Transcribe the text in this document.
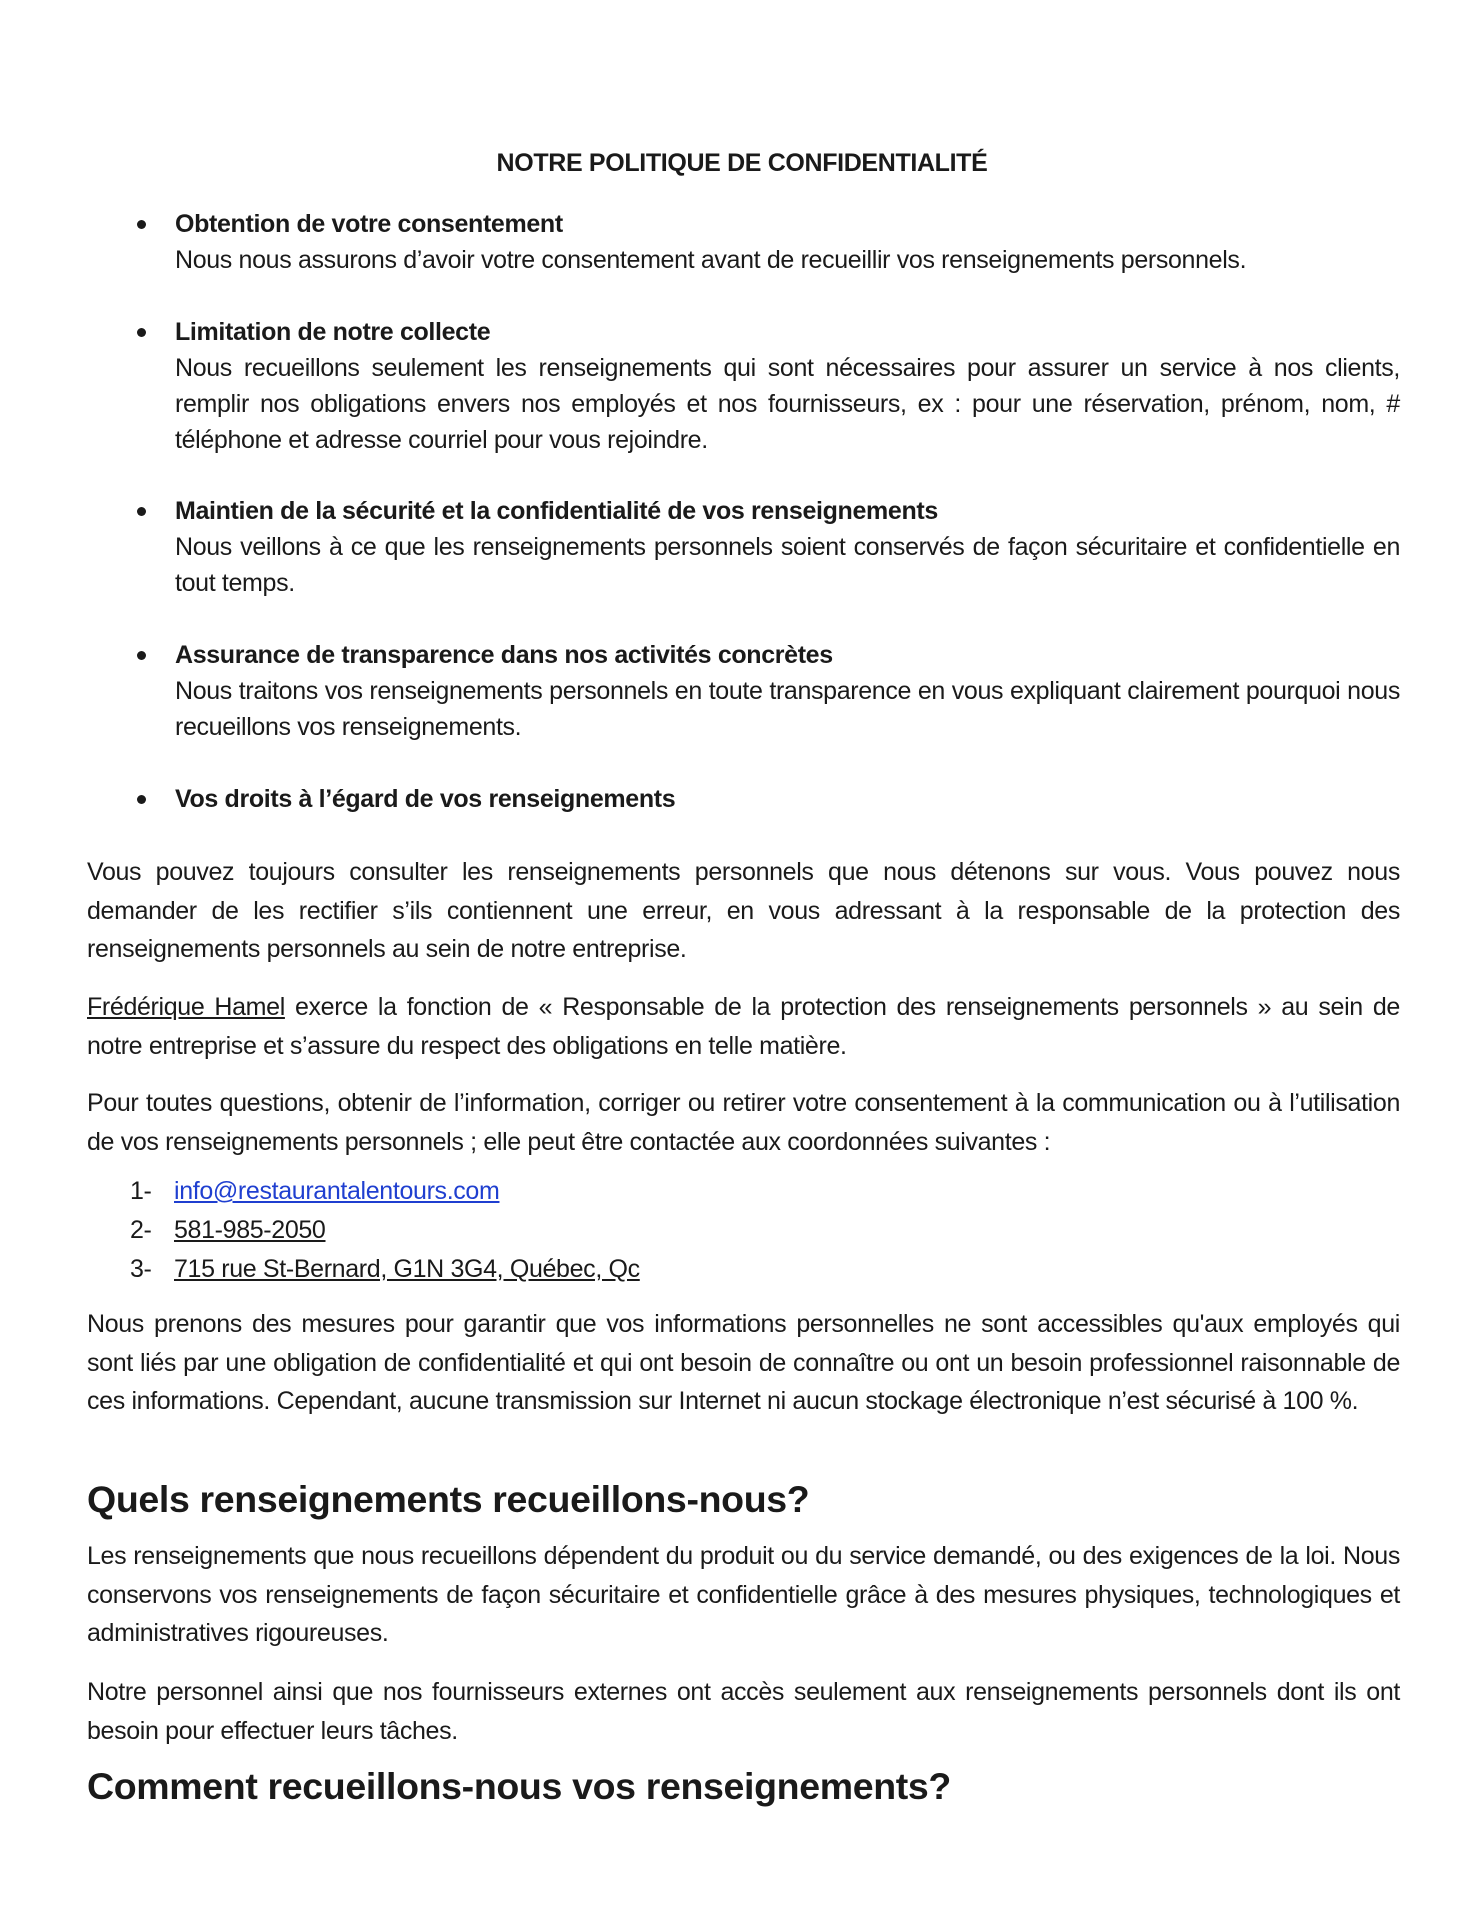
NOTRE POLITIQUE DE CONFIDENTIALITÉ
Obtention de votre consentement
Nous nous assurons d’avoir votre consentement avant de recueillir vos renseignements personnels.
Limitation de notre collecte
Nous recueillons seulement les renseignements qui sont nécessaires pour assurer un service à nos clients, remplir nos obligations envers nos employés et nos fournisseurs, ex : pour une réservation, prénom, nom, # téléphone et adresse courriel pour vous rejoindre.
Maintien de la sécurité et la confidentialité de vos renseignements
Nous veillons à ce que les renseignements personnels soient conservés de façon sécuritaire et confidentielle en tout temps.
Assurance de transparence dans nos activités concrètes
Nous traitons vos renseignements personnels en toute transparence en vous expliquant clairement pourquoi nous recueillons vos renseignements.
Vos droits à l’égard de vos renseignements

Vous pouvez toujours consulter les renseignements personnels que nous détenons sur vous. Vous pouvez nous demander de les rectifier s’ils contiennent une erreur, en vous adressant à la responsable de la protection des renseignements personnels au sein de notre entreprise.

Frédérique Hamel exerce la fonction de « Responsable de la protection des renseignements personnels » au sein de notre entreprise et s’assure du respect des obligations en telle matière.

Pour toutes questions, obtenir de l’information, corriger ou retirer votre consentement à la communication ou à l’utilisation de vos renseignements personnels ; elle peut être contactée aux coordonnées suivantes :

1- info@restaurantalentours.com
2- 581-985-2050
3- 715 rue St-Bernard, G1N 3G4, Québec, Qc

Nous prenons des mesures pour garantir que vos informations personnelles ne sont accessibles qu'aux employés qui sont liés par une obligation de confidentialité et qui ont besoin de connaître ou ont un besoin professionnel raisonnable de ces informations. Cependant, aucune transmission sur Internet ni aucun stockage électronique n’est sécurisé à 100 %.

Quels renseignements recueillons-nous?

Les renseignements que nous recueillons dépendent du produit ou du service demandé, ou des exigences de la loi. Nous conservons vos renseignements de façon sécuritaire et confidentielle grâce à des mesures physiques, technologiques et administratives rigoureuses.

Notre personnel ainsi que nos fournisseurs externes ont accès seulement aux renseignements personnels dont ils ont besoin pour effectuer leurs tâches.

Comment recueillons-nous vos renseignements?
